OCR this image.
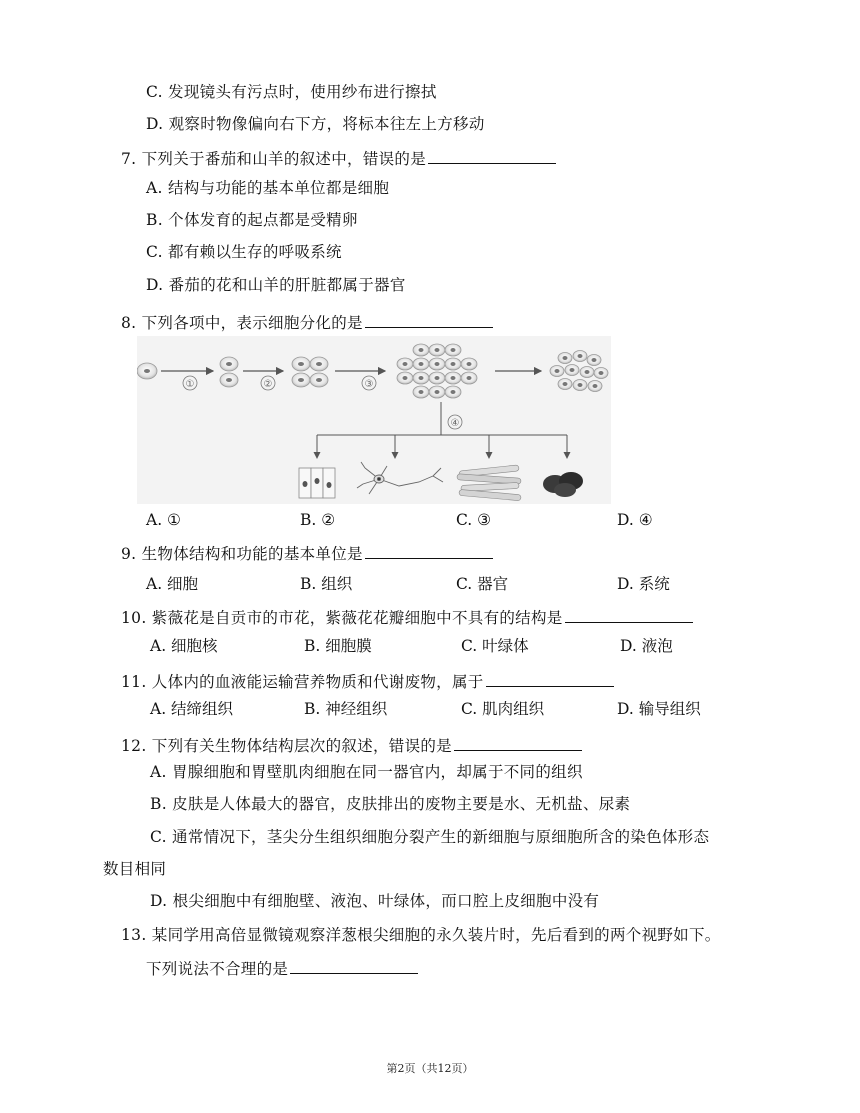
C. 发现镜头有污点时，使用纱布进行擦拭
D. 观察时物像偏向右下方，将标本往左上方移动
7. 下列关于番茄和山羊的叙述中，错误的是
A. 结构与功能的基本单位都是细胞
B. 个体发育的起点都是受精卵
C. 都有赖以生存的呼吸系统
D. 番茄的花和山羊的肝脏都属于器官
8. 下列各项中，表示细胞分化的是
①	②	③
④
A. ①	B. ②	C. ③	D. ④
9. 生物体结构和功能的基本单位是
A. 细胞	B. 组织	C. 器官	D. 系统
10. 紫薇花是自贡市的市花，紫薇花花瓣细胞中不具有的结构是
A. 细胞核	B. 细胞膜	C. 叶绿体	D. 液泡
11. 人体内的血液能运输营养物质和代谢废物，属于
A. 结缔组织	B. 神经组织	C. 肌肉组织	D. 输导组织
12. 下列有关生物体结构层次的叙述，错误的是
A. 胃腺细胞和胃壁肌肉细胞在同一器官内，却属于不同的组织
B. 皮肤是人体最大的器官，皮肤排出的废物主要是水、无机盐、尿素
C. 通常情况下，茎尖分生组织细胞分裂产生的新细胞与原细胞所含的染色体形态
数目相同
D. 根尖细胞中有细胞壁、液泡、叶绿体，而口腔上皮细胞中没有
13. 某同学用高倍显微镜观察洋葱根尖细胞的永久装片时，先后看到的两个视野如下。
下列说法不合理的是
第2页（共12页）
